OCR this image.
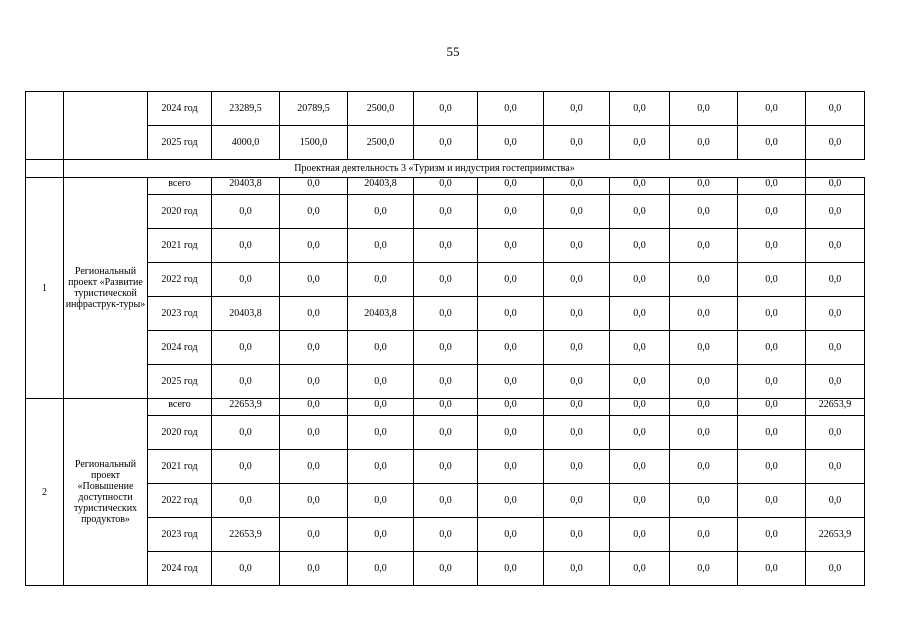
55
		2024 год	23289,5	20789,5	2500,0	0,0	0,0	0,0	0,0	0,0	0,0	0,0
		2025 год	4000,0	1500,0	2500,0	0,0	0,0	0,0	0,0	0,0	0,0	0,0
	Проектная деятельность 3 «Туризм и индустрия гостеприимства»											
1	Региональный проект «Развитие туристической инфраструк-туры»	всего	20403,8	0,0	20403,8	0,0	0,0	0,0	0,0	0,0	0,0	0,0
		2020 год	0,0	0,0	0,0	0,0	0,0	0,0	0,0	0,0	0,0	0,0
		2021 год	0,0	0,0	0,0	0,0	0,0	0,0	0,0	0,0	0,0	0,0
		2022 год	0,0	0,0	0,0	0,0	0,0	0,0	0,0	0,0	0,0	0,0
		2023 год	20403,8	0,0	20403,8	0,0	0,0	0,0	0,0	0,0	0,0	0,0
		2024 год	0,0	0,0	0,0	0,0	0,0	0,0	0,0	0,0	0,0	0,0
		2025 год	0,0	0,0	0,0	0,0	0,0	0,0	0,0	0,0	0,0	0,0
2	Региональный проект «Повышение доступности туристических продуктов»	всего	22653,9	0,0	0,0	0,0	0,0	0,0	0,0	0,0	0,0	22653,9
		2020 год	0,0	0,0	0,0	0,0	0,0	0,0	0,0	0,0	0,0	0,0
		2021 год	0,0	0,0	0,0	0,0	0,0	0,0	0,0	0,0	0,0	0,0
		2022 год	0,0	0,0	0,0	0,0	0,0	0,0	0,0	0,0	0,0	0,0
		2023 год	22653,9	0,0	0,0	0,0	0,0	0,0	0,0	0,0	0,0	22653,9
		2024 год	0,0	0,0	0,0	0,0	0,0	0,0	0,0	0,0	0,0	0,0
